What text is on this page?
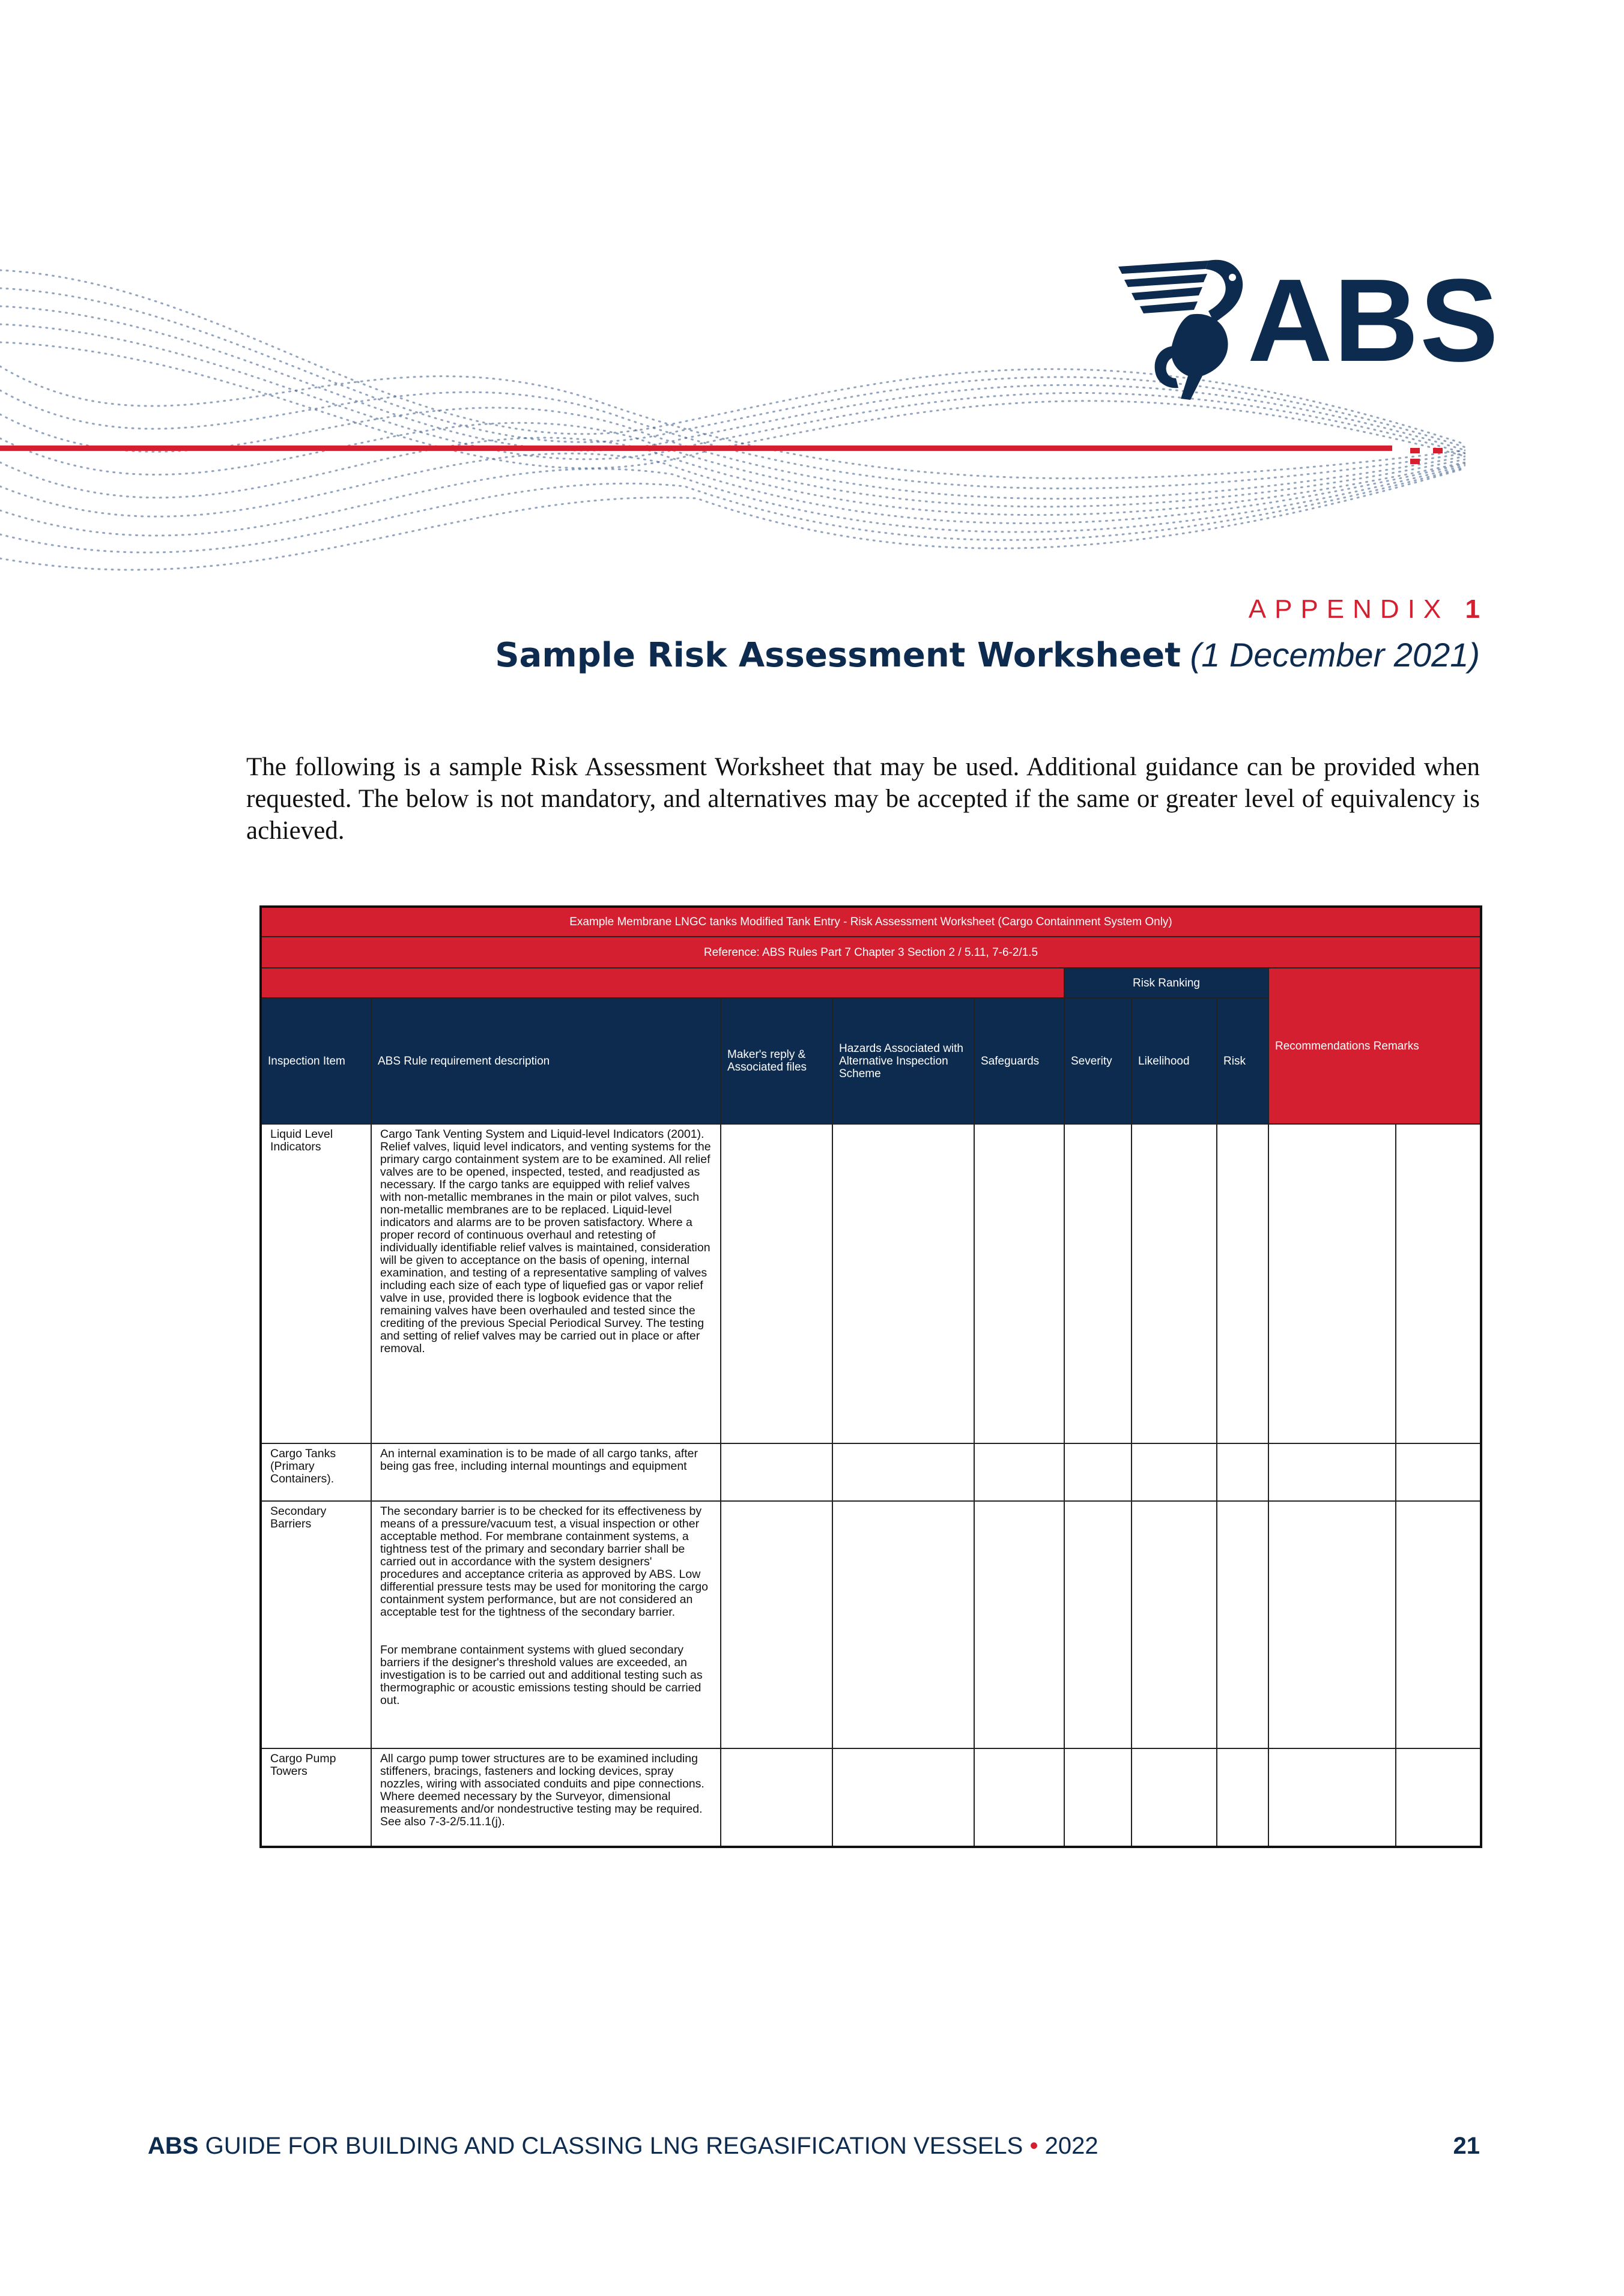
ABS
APPENDIX 1
Sample Risk Assessment Worksheet (1 December 2021)

The following is a sample Risk Assessment Worksheet that may be used. Additional guidance can be provided when requested. The below is not mandatory, and alternatives may be accepted if the same or greater level of equivalency is achieved.

Example Membrane LNGC tanks Modified Tank Entry - Risk Assessment Worksheet (Cargo Containment System Only)									
Reference: ABS Rules Part 7 Chapter 3 Section 2 / 5.11, 7-6-2/1.5									
					Risk Ranking			Recommendations Remarks	
Inspection Item	ABS Rule requirement description	Maker's reply & Associated files	Hazards Associated with Alternative Inspection Scheme	Safeguards	Severity	Likelihood	Risk		
Liquid Level Indicators	Cargo Tank Venting System and Liquid-level Indicators (2001). Relief valves, liquid level indicators, and venting systems for the primary cargo containment system are to be examined. All relief valves are to be opened, inspected, tested, and readjusted as necessary. If the cargo tanks are equipped with relief valves with non-metallic membranes in the main or pilot valves, such non-metallic membranes are to be replaced. Liquid-level indicators and alarms are to be proven satisfactory. Where a proper record of continuous overhaul and retesting of individually identifiable relief valves is maintained, consideration will be given to acceptance on the basis of opening, internal examination, and testing of a representative sampling of valves including each size of each type of liquefied gas or vapor relief valve in use, provided there is logbook evidence that the remaining valves have been overhauled and tested since the crediting of the previous Special Periodical Survey. The testing and setting of relief valves may be carried out in place or after removal.								
Cargo Tanks (Primary Containers).	An internal examination is to be made of all cargo tanks, after being gas free, including internal mountings and equipment								
Secondary Barriers	The secondary barrier is to be checked for its effectiveness by means of a pressure/vacuum test, a visual inspection or other acceptable method. For membrane containment systems, a tightness test of the primary and secondary barrier shall be carried out in accordance with the system designers' procedures and acceptance criteria as approved by ABS. Low differential pressure tests may be used for monitoring the cargo containment system performance, but are not considered an acceptable test for the tightness of the secondary barrier.
For membrane containment systems with glued secondary barriers if the designer's threshold values are exceeded, an investigation is to be carried out and additional testing such as thermographic or acoustic emissions testing should be carried out.								

Cargo Pump Towers	All cargo pump tower structures are to be examined including stiffeners, bracings, fasteners and locking devices, spray nozzles, wiring with associated conduits and pipe connections. Where deemed necessary by the Surveyor, dimensional measurements and/or nondestructive testing may be required. See also 7-3-2/5.11.1(j).								
ABS GUIDE FOR BUILDING AND CLASSING LNG REGASIFICATION VESSELS • 2022	21
